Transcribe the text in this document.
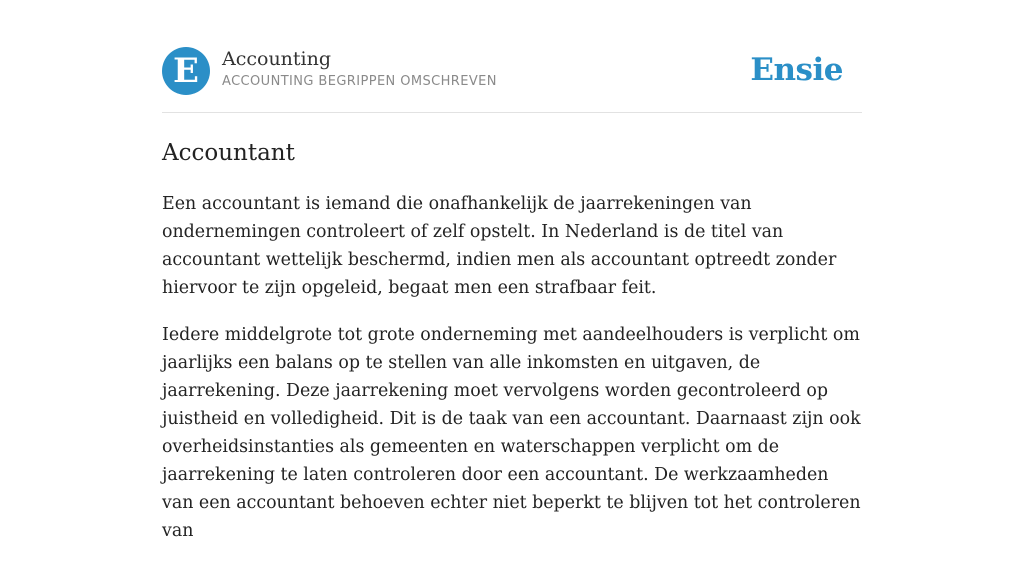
E	Accounting
ACCOUNTING BEGRIPPEN OMSCHREVEN	Ensie
Accountant

Een accountant is iemand die onafhankelijk de jaarrekeningen van ondernemingen controleert of zelf opstelt. In Nederland is de titel van accountant wettelijk beschermd, indien men als accountant optreedt zonder hiervoor te zijn opgeleid, begaat men een strafbaar feit.

Iedere middelgrote tot grote onderneming met aandeelhouders is verplicht om jaarlijks een balans op te stellen van alle inkomsten en uitgaven, de jaarrekening. Deze jaarrekening moet vervolgens worden gecontroleerd op juistheid en volledigheid. Dit is de taak van een accountant. Daarnaast zijn ook overheidsinstanties als gemeenten en waterschappen verplicht om de jaarrekening te laten controleren door een accountant. De werkzaamheden van een accountant behoeven echter niet beperkt te blijven tot het controleren van
